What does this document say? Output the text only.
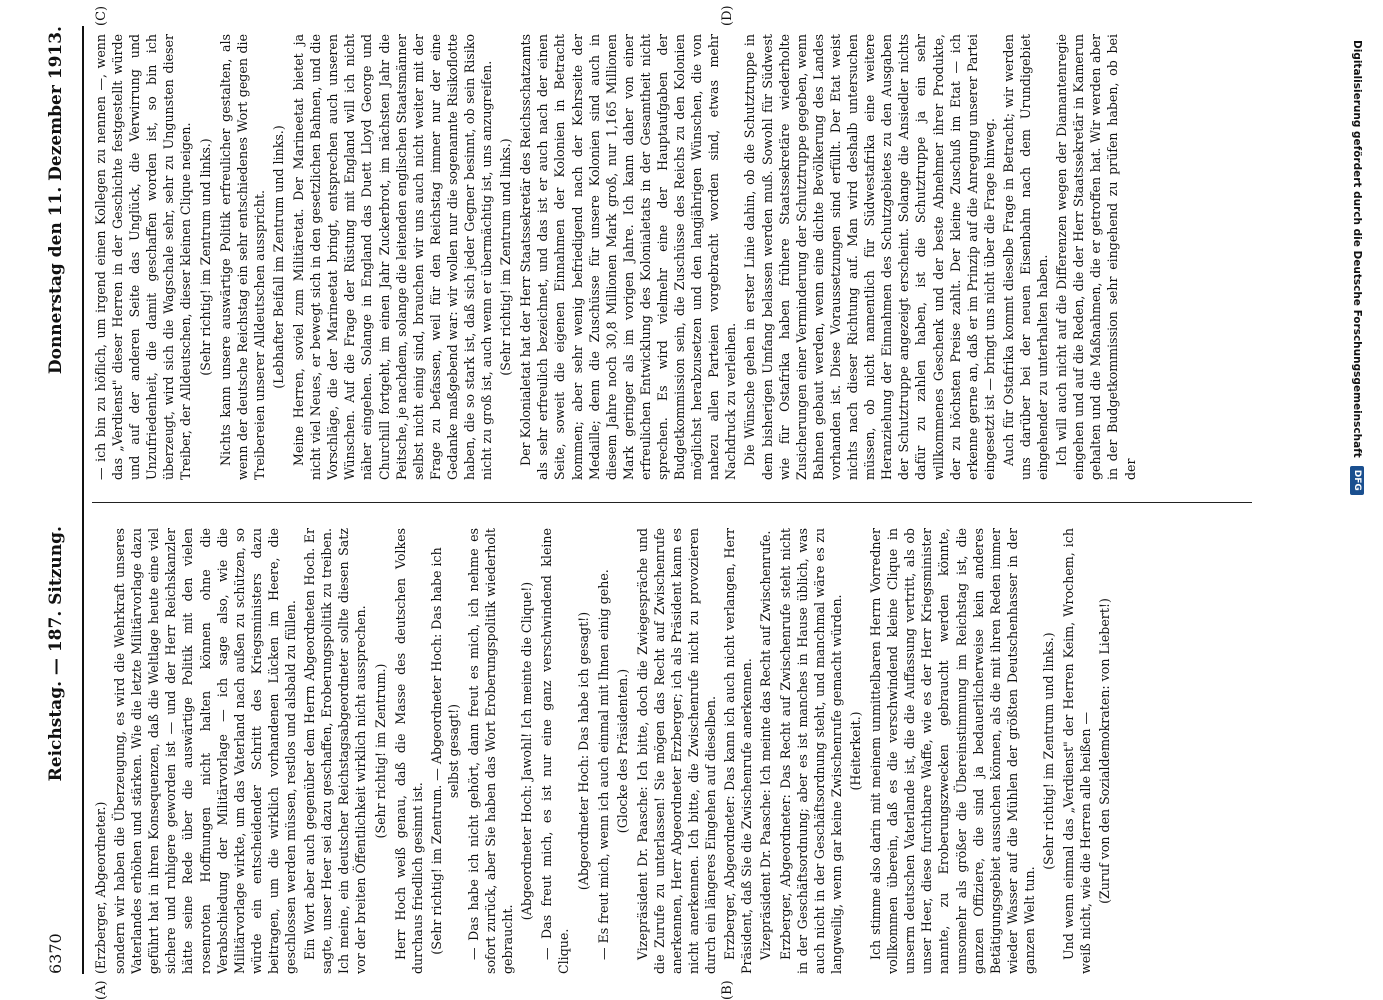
6370
Reichstag. — 187. Sitzung.
Donnerstag den 11. Dezember 1913.
(A)	(B)
(C)	(D)

(Erzberger, Abgeordneter.) sondern wir haben die Überzeugung, es wird die Wehrkraft unseres Vaterlandes erhöhen und stärken. Wie die letzte Militärvorlage dazu geführt hat in ihren Konsequenzen, daß die Weltlage heute eine viel sichere und ruhigere geworden ist — und der Herr Reichskanzler hätte seine Rede über die auswärtige Politik mit den vielen rosenroten Hoffnungen nicht halten können ohne die Verabschiedung der Militärvorlage — ich sage also, wie die Militärvorlage wirkte, um das Vaterland nach außen zu schützen, so würde ein entscheidender Schritt des Kriegsministers dazu beitragen, um die wirklich vorhandenen Lücken im Heere, die geschlossen werden müssen, restlos und alsbald zu füllen. Ein Wort aber auch gegenüber dem Herrn Abgeordneten Hoch. Er sagte, unser Heer sei dazu geschaffen, Eroberungspolitik zu treiben. Ich meine, ein deutscher Reichstagsabgeordneter sollte diesen Satz vor der breiten Öffentlichkeit wirklich nicht aussprechen. (Sehr richtig! im Zentrum.) Herr Hoch weiß genau, daß die Masse des deutschen Volkes durchaus friedlich gesinnt ist. (Sehr richtig! im Zentrum. — Abgeordneter Hoch: Das habe ich selbst gesagt!) — Das habe ich nicht gehört, dann freut es mich, ich nehme es sofort zurück, aber Sie haben das Wort Eroberungspolitik wiederholt gebraucht.

(Abgeordneter Hoch: Jawohl! Ich meinte die Clique!) — Das freut mich, es ist nur eine ganz verschwindend kleine Clique.

(Abgeordneter Hoch: Das habe ich gesagt!) — Es freut mich, wenn ich auch einmal mit Ihnen einig gehe. (Glocke des Präsidenten.) Vizepräsident Dr. Paasche: Ich bitte, doch die Zwiegespräche und die Zurufe zu unterlassen! Sie mögen das Recht auf Zwischenrufe anerkennen, Herr Abgeordneter Erzberger; ich als Präsident kann es nicht anerkennen. Ich bitte, die Zwischenrufe nicht zu provozieren durch ein längeres Eingehen auf dieselben. Erzberger, Abgeordneter: Das kann ich auch nicht verlangen, Herr Präsident, daß Sie die Zwischenrufe anerkennen. Vizepräsident Dr. Paasche: Ich meinte das Recht auf Zwischenrufe. Erzberger, Abgeordneter: Das Recht auf Zwischenrufe steht nicht in der Geschäftsordnung; aber es ist manches in Hause üblich, was auch nicht in der Geschäftsordnung steht, und manchmal wäre es zu langweilig, wenn gar keine Zwischenrufe gemacht würden. (Heiterkeit.) Ich stimme also darin mit meinem unmittelbaren Herrn Vorredner vollkommen überein, daß es die verschwindend kleine Clique in unserm deutschen Vaterlande ist, die die Auffassung vertritt, als ob unser Heer, diese furchtbare Waffe, wie es der Herr Kriegsminister nannte, zu Eroberungszwecken gebraucht werden könnte, umsomehr als größer die Übereinstimmung im Reichstag ist, die ganzen Offiziere, die sind ja bedauerlicherweise kein anderes Betätigungsgebiet aussuchen können, als die mit ihren Reden immer wieder Wasser auf die Mühlen der größten Deutschenhasser in der ganzen Welt tun.

(Sehr richtig! im Zentrum und links.) Und wenn einmal das „Verdienst" der Herren Keim, Wrochem, ich weiß nicht, wie die Herren alle heißen — (Zuruf von den Sozialdemokraten: von Liebert!)

— ich bin zu höflich, um irgend einen Kollegen zu nennen —, wenn das „Verdienst" dieser Herren in der Geschichte festgestellt würde und auf der anderen Seite das Unglück, die Verwirrung und Unzufriedenheit, die damit geschaffen worden ist, so bin ich überzeugt, wird sich die Wagschale sehr, sehr zu Ungunsten dieser Treiber, der Alldeutschen, dieser kleinen Clique neigen. (Sehr richtig! im Zentrum und links.) Nichts kann unsere auswärtige Politik erfreulicher gestalten, als wenn der deutsche Reichstag ein sehr entschiedenes Wort gegen die Treibereien unserer Alldeutschen ausspricht. (Lebhafter Beifall im Zentrum und links.) Meine Herren, soviel zum Militäretat. Der Marineetat bietet ja nicht viel Neues, er bewegt sich in den gesetzlichen Bahnen, und die Vorschläge, die der Marineetat bringt, entsprechen auch unseren Wünschen. Auf die Frage der Rüstung mit England will ich nicht näher eingehen. Solange in England das Duett Lloyd George und Churchill fortgeht, im einen Jahr Zuckerbrot, im nächsten Jahr die Peitsche, je nachdem, solange die leitenden englischen Staatsmänner selbst nicht einig sind, brauchen wir uns auch nicht weiter mit der Frage zu befassen, weil für den Reichstag immer nur der eine Gedanke maßgebend war: wir wollen nur die sogenannte Risikoflotte haben, die so stark ist, daß sich jeder Gegner besinnt, ob sein Risiko nicht zu groß ist, auch wenn er übermächtig ist, uns anzugreifen. (Sehr richtig! im Zentrum und links.) Der Kolonialetat hat der Herr Staatssekretär des Reichsschatzamts als sehr erfreulich bezeichnet, und das ist er auch nach der einen Seite, soweit die eigenen Einnahmen der Kolonien in Betracht kommen; aber sehr wenig befriedigend nach der Kehrseite der Medaille; denn die Zuschüsse für unsere Kolonien sind auch in diesem Jahre noch 30,8 Millionen Mark groß, nur 1,165 Millionen Mark geringer als im vorigen Jahre. Ich kann daher von einer erfreulichen Entwicklung des Kolonialetats in der Gesamtheit nicht sprechen. Es wird vielmehr eine der Hauptaufgaben der Budgetkommission sein, die Zuschüsse des Reichs zu den Kolonien möglichst herabzusetzen und den langjährigen Wünschen, die von nahezu allen Parteien vorgebracht worden sind, etwas mehr Nachdruck zu verleihen. Die Wünsche gehen in erster Linie dahin, ob die Schutztruppe in dem bisherigen Umfang belassen werden muß. Sowohl für Südwest wie für Ostafrika haben frühere Staatssekretäre wiederholte Zusicherungen einer Verminderung der Schutztruppe gegeben, wenn Bahnen gebaut werden, wenn eine dichte Bevölkerung des Landes vorhanden ist. Diese Voraussetzungen sind erfüllt. Der Etat weist nichts nach dieser Richtung auf. Man wird deshalb untersuchen müssen, ob nicht namentlich für Südwestafrika eine weitere Heranziehung der Einnahmen des Schutzgebietes zu den Ausgaben der Schutztruppe angezeigt erscheint. Solange die Ansiedler nichts dafür zu zahlen haben, ist die Schutztruppe ja ein sehr willkommenes Geschenk und der beste Abnehmer ihrer Produkte, der zu höchsten Preise zahlt. Der kleine Zuschuß im Etat — ich erkenne gerne an, daß er im Prinzip auf die Anregung unserer Partei eingesetzt ist — bringt uns nicht über die Frage hinweg. Auch für Ostafrika kommt dieselbe Frage in Betracht; wir werden uns darüber bei der neuen Eisenbahn nach dem Urundigebiet eingehender zu unterhalten haben. Ich will auch nicht auf die Differenzen wegen der Diamantenregie eingehen und auf die Reden, die der Herr Staatssekretär in Kamerun gehalten und die Maßnahmen, die er getroffen hat. Wir werden aber in der Budgetkommission sehr eingehend zu prüfen haben, ob bei der

Digitalisierung gefördert durch die Deutsche Forschungsgemeinschaft
DFG
